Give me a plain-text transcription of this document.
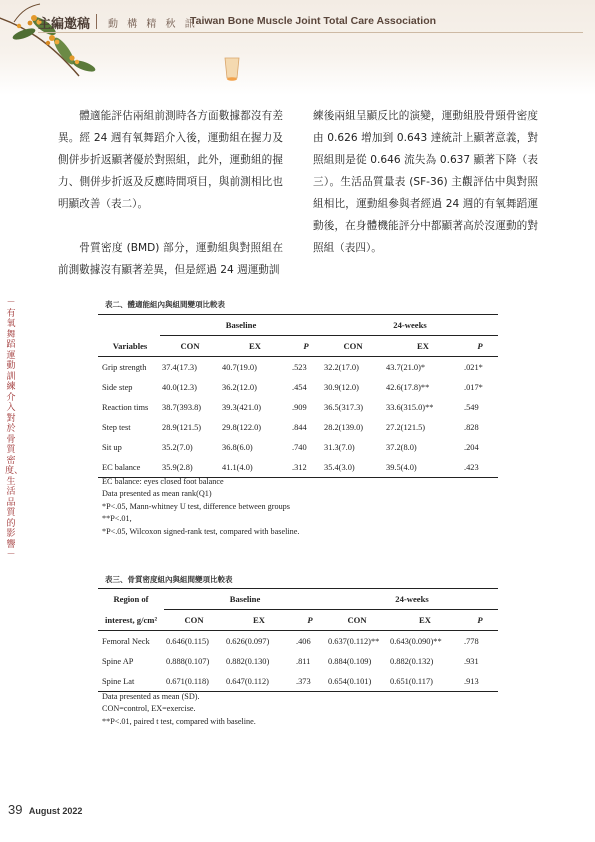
主編邀稿 動 構 精 秋 訊
Taiwan Bone Muscle Joint Total Care Association

體適能評估兩組前測時各方面數據都沒有差異。經 24 週有氧舞蹈介入後，運動組在握力及側併步折返顯著優於對照組，此外，運動組的握力、側併步折返及反應時間項目，與前測相比也明顯改善（表二）。

骨質密度 (BMD) 部分，運動組與對照組在前測數據沒有顯著差異，但是經過 24 週運動訓

練後兩組呈顯反比的演變，運動組股骨頸骨密度由 0.626 增加到 0.643 達統計上顯著意義，對照組則是從 0.646 流失為 0.637 顯著下降（表三）。生活品質量表 (SF-36) 主觀評估中與對照組相比，運動組參與者經過 24 週的有氧舞蹈運動後，在身體機能評分中都顯著高於沒運動的對照組（表四）。

－有氧舞蹈運動訓練介入對於骨質密度、生活品質的影響－
表二、體適能組內與組間變項比較表
	Baseline			24-weeks		
Variables	CON	EX	P	CON	EX	P
Grip strength	37.4(17.3)	40.7(19.0)	.523	32.2(17.0)	43.7(21.0)*	.021*
Side step	40.0(12.3)	36.2(12.0)	.454	30.9(12.0)	42.6(17.8)**	.017*
Reaction tims	38.7(393.8)	39.3(421.0)	.909	36.5(317.3)	33.6(315.0)**	.549
Step test	28.9(121.5)	29.8(122.0)	.844	28.2(139.0)	27.2(121.5)	.828
Sit up	35.2(7.0)	36.8(6.0)	.740	31.3(7.0)	37.2(8.0)	.204
EC balance	35.9(2.8)	41.1(4.0)	.312	35.4(3.0)	39.5(4.0)	.423
EC balance: eyes closed foot balance
Data presented as mean rank(Q1)
*P<.05, Mann-whitney U test, difference between groups
**P<.01,
*P<.05, Wilcoxon signed-rank test, compared with baseline.
表三、骨質密度組內與組間變項比較表
Region of	Baseline			24-weeks		
interest, g/cm²	CON	EX	P	CON	EX	P
Femoral Neck	0.646(0.115)	0.626(0.097)	.406	0.637(0.112)**	0.643(0.090)**	.778
Spine AP	0.888(0.107)	0.882(0.130)	.811	0.884(0.109)	0.882(0.132)	.931
Spine Lat	0.671(0.118)	0.647(0.112)	.373	0.654(0.101)	0.651(0.117)	.913
Data presented as mean (SD).
CON=control, EX=exercise.
**P<.01, paired t test, compared with baseline.
39 August 2022
